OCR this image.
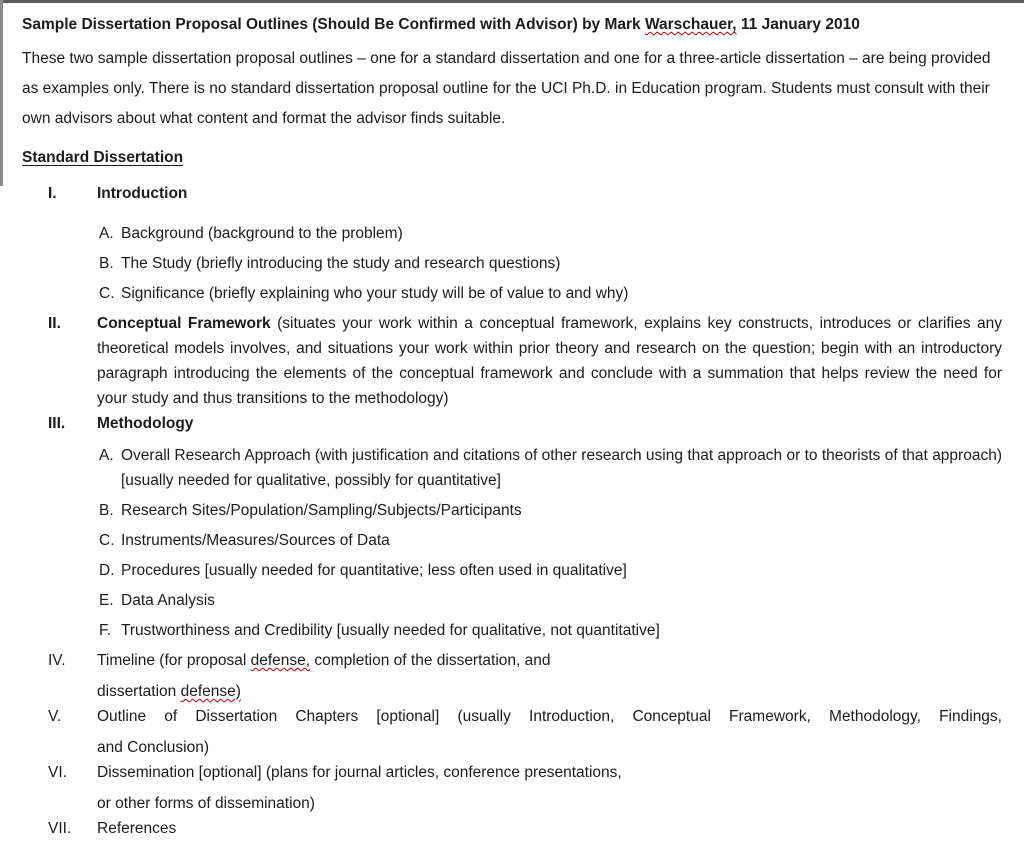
Sample Dissertation Proposal Outlines (Should Be Confirmed with Advisor) by Mark Warschauer, 11 January 2010

These two sample dissertation proposal outlines – one for a standard dissertation and one for a three-article dissertation – are being provided as examples only. There is no standard dissertation proposal outline for the UCI Ph.D. in Education program. Students must consult with their own advisors about what content and format the advisor finds suitable.

Standard Dissertation
I.	Introduction
A. Background (background to the problem)
B. The Study (briefly introducing the study and research questions)
C. Significance (briefly explaining who your study will be of value to and why)
II.	Conceptual Framework (situates your work within a conceptual framework, explains key constructs, introduces or clarifies any theoretical models involves, and situations your work within prior theory and research on the question; begin with an introductory paragraph introducing the elements of the conceptual framework and conclude with a summation that helps review the need for your study and thus transitions to the methodology)
III.	Methodology
A. Overall Research Approach (with justification and citations of other research using that approach or to theorists of that approach) [usually needed for qualitative, possibly for quantitative]
B. Research Sites/Population/Sampling/Subjects/Participants
C. Instruments/Measures/Sources of Data
D. Procedures [usually needed for quantitative; less often used in qualitative]
E. Data Analysis
F. Trustworthiness and Credibility [usually needed for qualitative, not quantitative]
IV.	Timeline (for proposal defense, completion of the dissertation, and
dissertation defense)
V.	Outline of Dissertation Chapters [optional] (usually Introduction, Conceptual Framework, Methodology, Findings,
and Conclusion)
VI.	Dissemination [optional] (plans for journal articles, conference presentations,
or other forms of dissemination)
VII.	References
